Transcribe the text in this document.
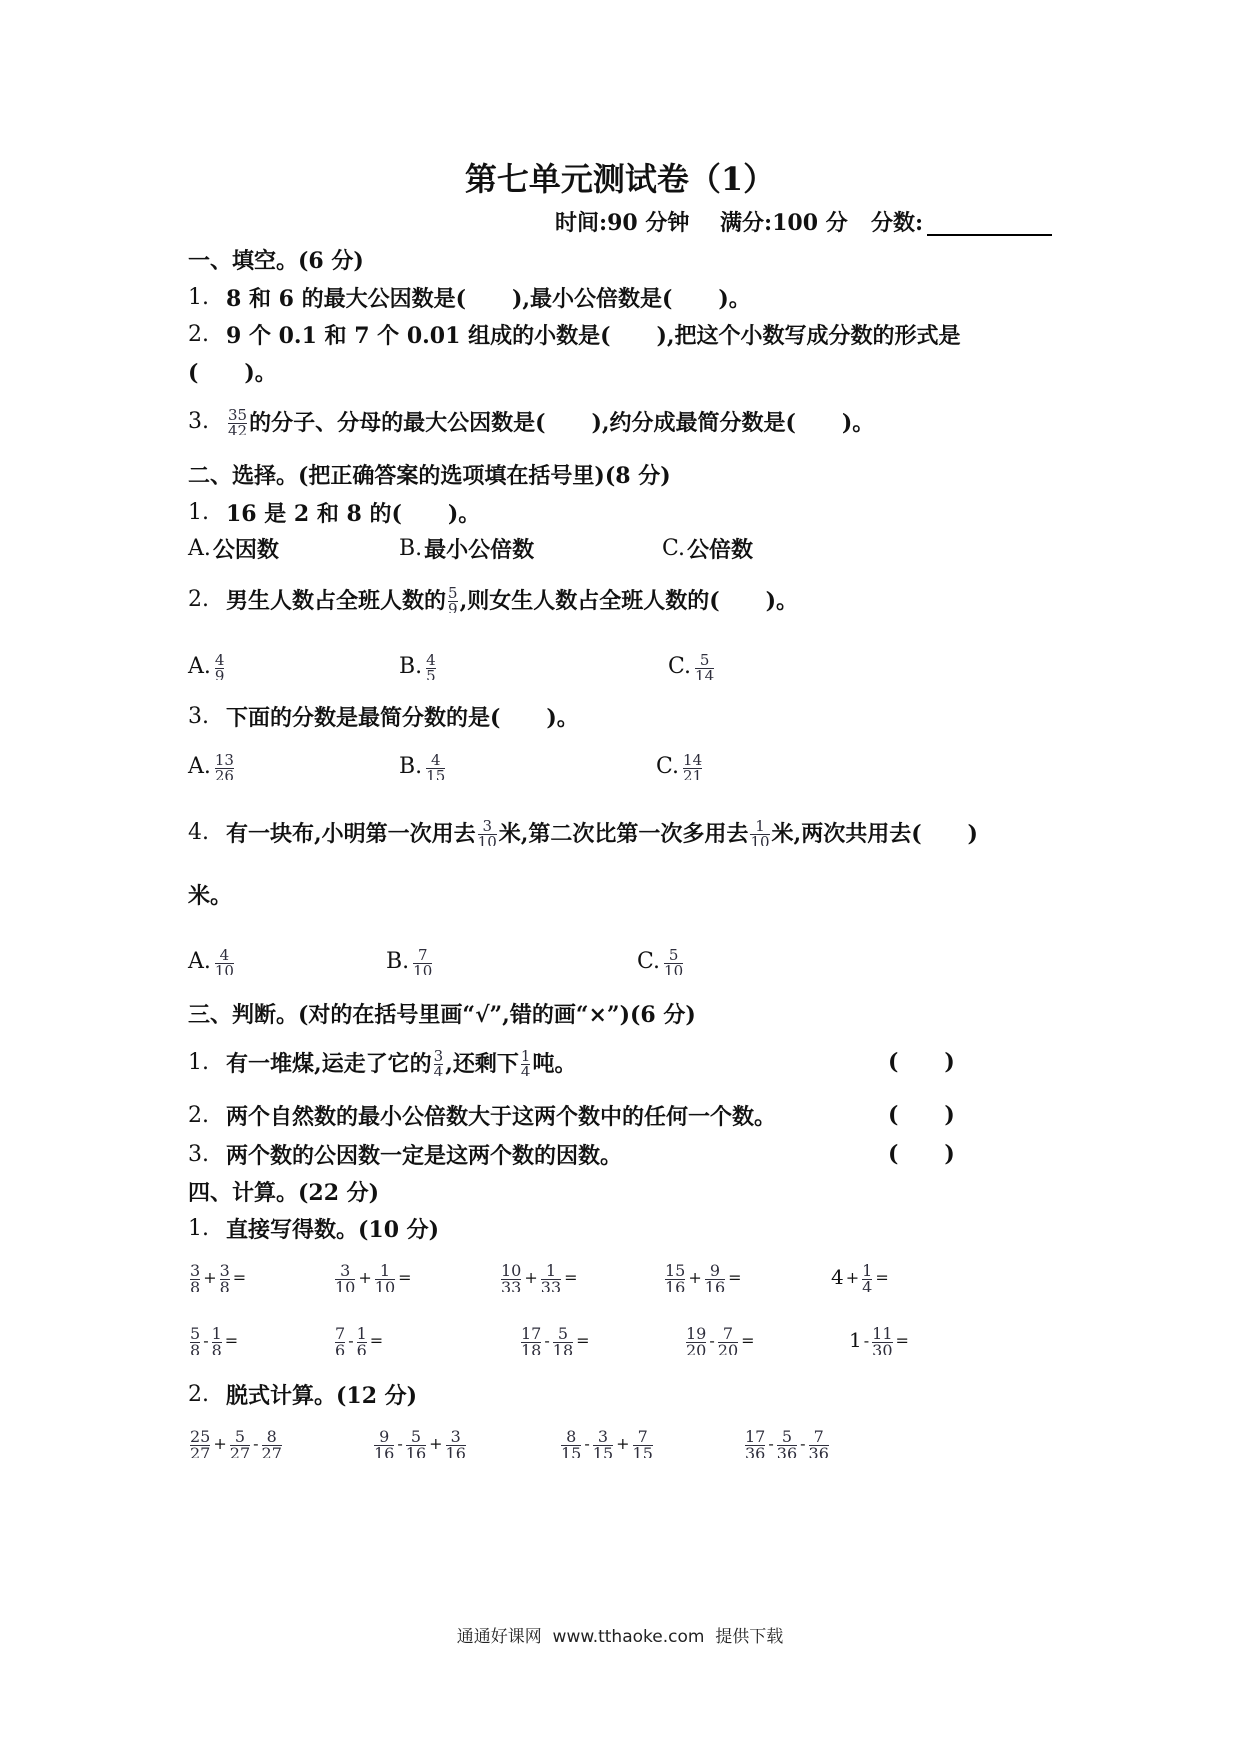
第七单元测试卷（1）
时间:90 分钟 满分:100 分 分数:
一、填空。(6 分)
1. 8 和 6 的最大公因数是(      ),最小公倍数是(      )。
2. 9 个 0.1 和 7 个 0.01 组成的小数是(      ),把这个小数写成分数的形式是
(      )。
3.	$\frac{35}{42}$ 的分子、分母的最大公因数是(      ),约分成最简分数是(      )。
二、选择。(把正确答案的选项填在括号里)(8 分)
1. 16 是 2 和 8 的(      )。
A. 公因数	B. 最小公倍数	C. 公倍数
2. 男生人数占全班人数的 $\frac{5}{9}$ ,则女生人数占全班人数的(      )。
A. $\frac{4}{9}$	B. $\frac{4}{5}$	C. $\frac{5}{14}$
3. 下面的分数是最简分数的是(      )。
A. $\frac{13}{26}$	B. $\frac{4}{15}$	C. $\frac{14}{21}$
4. 有一块布,小明第一次用去 $\frac{3}{10}$ 米,第二次比第一次多用去 $\frac{1}{10}$ 米,两次共用去(      )
米。
A. $\frac{4}{10}$	B. $\frac{7}{10}$	C. $\frac{5}{10}$
三、判断。(对的在括号里画“√”,错的画“×”)(6 分)
1. 有一堆煤,运走了它的 $\frac{3}{4}$ ,还剩下 $\frac{1}{4}$ 吨。	(      )
2. 两个自然数的最小公倍数大于这两个数中的任何一个数。	(      )
3. 两个数的公因数一定是这两个数的因数。	(      )
四、计算。(22 分)
1. 直接写得数。(10 分)
$\frac{3}{8} + \frac{3}{8}$ =	$\frac{3}{10} + \frac{1}{10}$ =	$\frac{10}{33} + \frac{1}{33}$ =	$\frac{15}{16} + \frac{9}{16}$ =	$4 + \frac{1}{4}$ =
$\frac{5}{8} - \frac{1}{8}$ =	$\frac{7}{6} - \frac{1}{6}$ =	$\frac{17}{18} - \frac{5}{18}$ =	$\frac{19}{20} - \frac{7}{20}$ =	$1 - \frac{11}{30}$ =
2. 脱式计算。(12 分)
$\frac{25}{27} + \frac{5}{27} - \frac{8}{27}$	$\frac{9}{16} - \frac{5}{16} + \frac{3}{16}$	$\frac{8}{15} - \frac{3}{15} + \frac{7}{15}$	$\frac{17}{36} - \frac{5}{36} - \frac{7}{36}$
通通好课网  www.tthaoke.com  提供下载
